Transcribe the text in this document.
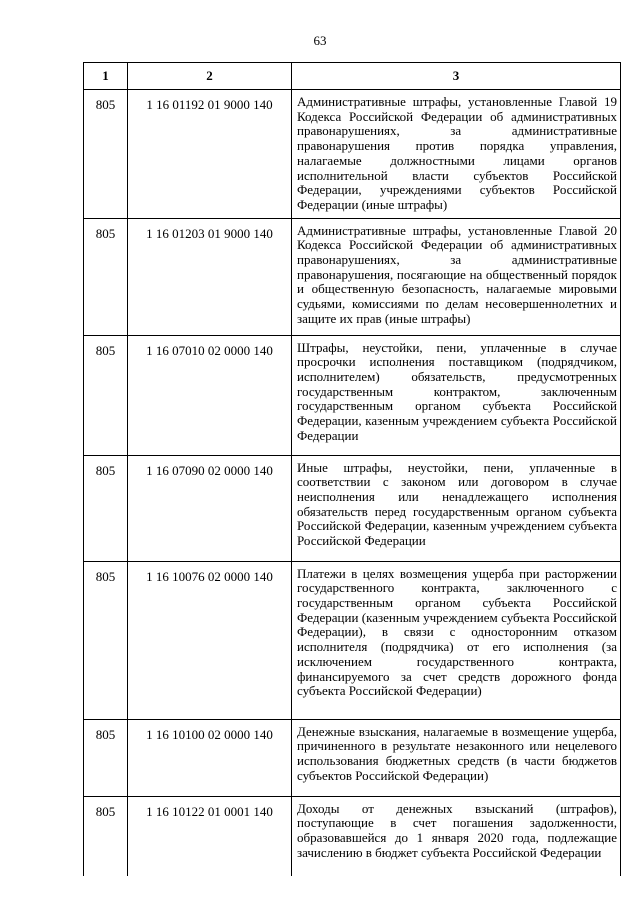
63
1	2	3
805	1 16 01192 01 9000 140	Административные штрафы, установленные Главой 19 Кодекса Российской Федерации об административных правонарушениях, за административные правонарушения против порядка управления, налагаемые должностными лицами органов исполнительной власти субъектов Российской Федерации, учреждениями субъектов Российской Федерации (иные штрафы)
805	1 16 01203 01 9000 140	Административные штрафы, установленные Главой 20 Кодекса Российской Федерации об административных правонарушениях, за административные правонарушения, посягающие на общественный порядок и общественную безопасность, налагаемые мировыми судьями, комиссиями по делам несовершеннолетних и защите их прав (иные штрафы)
805	1 16 07010 02 0000 140	Штрафы, неустойки, пени, уплаченные в случае просрочки исполнения поставщиком (подрядчиком, исполнителем) обязательств, предусмотренных государственным контрактом, заключенным государственным органом субъекта Российской Федерации, казенным учреждением субъекта Российской Федерации
805	1 16 07090 02 0000 140	Иные штрафы, неустойки, пени, уплаченные в соответствии с законом или договором в случае неисполнения или ненадлежащего исполнения обязательств перед государственным органом субъекта Российской Федерации, казенным учреждением субъекта Российской Федерации
805	1 16 10076 02 0000 140	Платежи в целях возмещения ущерба при расторжении государственного контракта, заключенного с государственным органом субъекта Российской Федерации (казенным учреждением субъекта Российской Федерации), в связи с односторонним отказом исполнителя (подрядчика) от его исполнения (за исключением государственного контракта, финансируемого за счет средств дорожного фонда субъекта Российской Федерации)
805	1 16 10100 02 0000 140	Денежные взыскания, налагаемые в возмещение ущерба, причиненного в результате незаконного или нецелевого использования бюджетных средств (в части бюджетов субъектов Российской Федерации)
805	1 16 10122 01 0001 140	Доходы от денежных взысканий (штрафов), поступающие в счет погашения задолженности, образовавшейся до 1 января 2020 года, подлежащие зачислению в бюджет субъекта Российской Федерации
